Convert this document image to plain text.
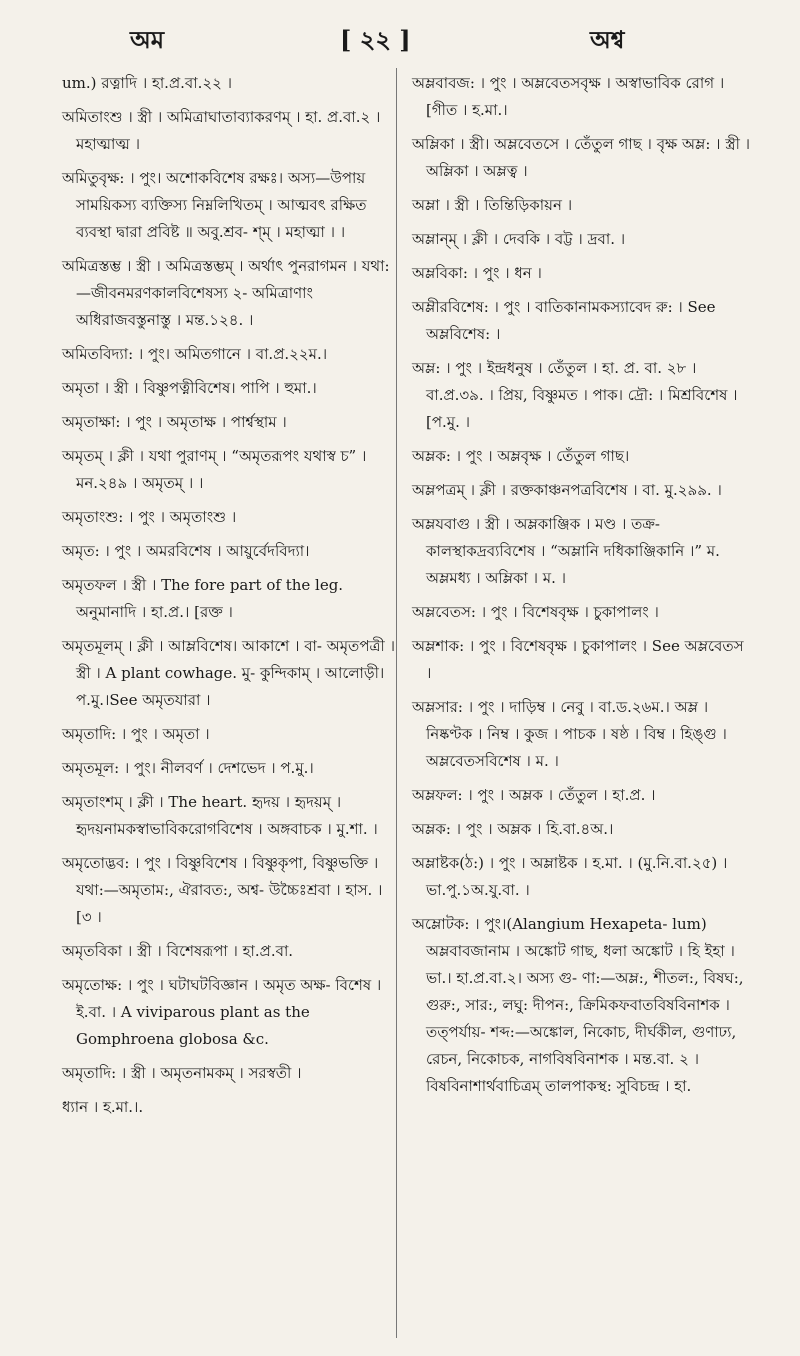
অম	[ ২২ ]	অশ্ব

um.) রত্নাদি । হা.প্র.বা.২২ ।

অমিতাংশু । স্ত্রী । অমিত্রাঘাতাব্যাকরণম্ । হা. প্র.বা.২ । মহাত্মাত্ম ।

অমিতুবৃক্ষ: । পুং। অশোকবিশেষ রক্ষঃ। অস্য—উপায় সাময়িকস্য ব্যক্তিস্য নিম্নলিখিতম্ । আত্মবৎ রক্ষিত ব্যবস্থা দ্বারা প্রবিষ্ট ॥ অবু.শ্রব- শ্ম্ । মহাত্মা । ।

অমিত্রস্তম্ভ । স্ত্রী । অমিত্রস্তম্ভম্ । অর্থাৎ পুনরাগমন । যথা:—জীবনমরণকালবিশেষস্য ২- অমিত্রাণাং অধিরাজবস্তুনাস্তু । মন্ত.১২৪. ।

অমিতবিদ্যা: । পুং। অমিতগানে । বা.প্র.২২ম.।

অমৃতা । স্ত্রী । বিষ্ণুপত্নীবিশেষ। পাপি । হুমা.।

অমৃতাক্ষা: । পুং । অমৃতাক্ষ । পার্শ্বস্থাম ।

অমৃতম্ । ক্লী । যথা পুরাণম্ । “অমৃতরূপং যথাস্ব চ” । মন.২৪৯ । অমৃতম্ । ।

অমৃতাংশু: । পুং । অমৃতাংশু ।

অমৃত: । পুং । অমরবিশেষ । আয়ুর্বেদবিদ্যা।

অমৃতফল । স্ত্রী । The fore part of the leg. অনুমানাদি । হা.প্র.। [রক্ত ।

অমৃতমূলম্ । ক্লী । আম্লবিশেষ। আকাশে । বা- অমৃতপত্রী । স্ত্রী । A plant cowhage. মু- কুন্দিকাম্ । আলোড়ী। প.মু.।See অমৃতযারা ।

অমৃতাদি: । পুং । অমৃতা ।

অমৃতমূল: । পুং। নীলবর্ণ । দেশভেদ । প.মু.।

অমৃতাংশম্ । ক্লী । The heart. হৃদয় । হৃদয়ম্ । হৃদয়নামকস্বাভাবিকরোগবিশেষ । অঙ্গবাচক । মু.শা. ।

অমৃতোদ্ভব: । পুং । বিষ্ণুবিশেষ । বিষ্ণুকৃপা, বিষ্ণুভক্তি । যথা:—অমৃতাম:, ঐরাবত:, অশ্ব- উচ্চৈঃশ্রবা । হাস. । [৩ ।

অমৃতবিকা । স্ত্রী । বিশেষরূপা । হা.প্র.বা.

অমৃতোক্ষ: । পুং । ঘটাঘটবিজ্ঞান । অমৃত অক্ষ- বিশেষ । ই.বা. । A viviparous plant as the Gomphroena globosa &c.

অমৃতাদি: । স্ত্রী । অমৃতনামকম্ । সরস্বতী ।

ধ্যান । হ.মা.।.

অম্লবাবজ: । পুং । অম্লবেতসবৃক্ষ । অস্বাভাবিক রোগ । [গীত । হ.মা.।

অম্লিকা । স্ত্রী। অম্লবেতসে । তেঁতুল গাছ । বৃক্ষ অম্ল: । স্ত্রী । অম্লিকা । অম্লত্ব ।

অম্লা । স্ত্রী । তিন্তিড়িকায়ন ।

অম্লান্ম্ । ক্লী । দেবকি । বট্ট । দ্রবা. ।

অম্লবিকা: । পুং । ধন ।

অম্লীরবিশেষ: । পুং । বাতিকানামকস্যাবেদ রু: । See অম্লবিশেষ: ।

অম্ল: । পুং । ইন্দ্রধনুষ । তেঁতুল । হা. প্র. বা. ২৮ । বা.প্র.৩৯. । প্রিয়, বিষ্ণুমত । পাক। দ্রৌ: । মিশ্রবিশেষ । [প.মু. ।

অম্লক: । পুং । অম্লবৃক্ষ । তেঁতুল গাছ।

অম্লপত্রম্ । ক্লী । রক্তকাঞ্চনপত্রবিশেষ । বা. মু.২৯৯. ।

অম্লযবাগু । স্ত্রী । অম্লকাঞ্জিক । মণ্ড । তক্র- কালস্থাকদ্রব্যবিশেষ । “অম্লানি দধিকাঞ্জিকানি ।” ম. অম্লমধ্য । অম্লিকা । ম. ।

অম্লবেতস: । পুং । বিশেষবৃক্ষ । চুকাপালং ।

অম্লশাক: । পুং । বিশেষবৃক্ষ । চুকাপালং । See অম্লবেতস ।

অম্লসার: । পুং । দাড়িম্ব । নেবু । বা.ড.২৬ম.। অম্ল । নিষ্কণ্টক । নিম্ব । কুজ । পাচক । ষষ্ঠ । বিম্ব । হিঙ্গু । অম্লবেতসবিশেষ । ম. ।

অম্লফল: । পুং । অম্লক । তেঁতুল । হা.প্র. ।

অম্লক: । পুং । অম্লক । হি.বা.৪অ.।

অম্লাষ্টক(ঠ:) । পুং । অম্লাষ্টক । হ.মা. । (মু.নি.বা.২৫) । ভা.পু.১অ.যু.বা. ।

অম্লোটক: । পুং।(Alangium Hexapeta- lum) অম্লবাবজানাম । অঙ্কোট গাছ, ধলা অঙ্কোট । হি ইহা । ভা.। হা.প্র.বা.২। অস্য গু- ণা:—অম্ল:, শীতল:, বিষঘ:, গুরু:, সার:, লঘু: দীপন:, ক্রিমিকফবাতবিষবিনাশক । তত্পর্যায়- শব্দ:—অঙ্কোল, নিকোচ, দীর্ঘকীল, গুণাঢ্য, রেচন, নিকোচক, নাগবিষবিনাশক । মন্ত.বা. ২ । বিষবিনাশার্থবাচিত্রম্ তালপাকস্থ: সুবিচন্দ্র । হা.
